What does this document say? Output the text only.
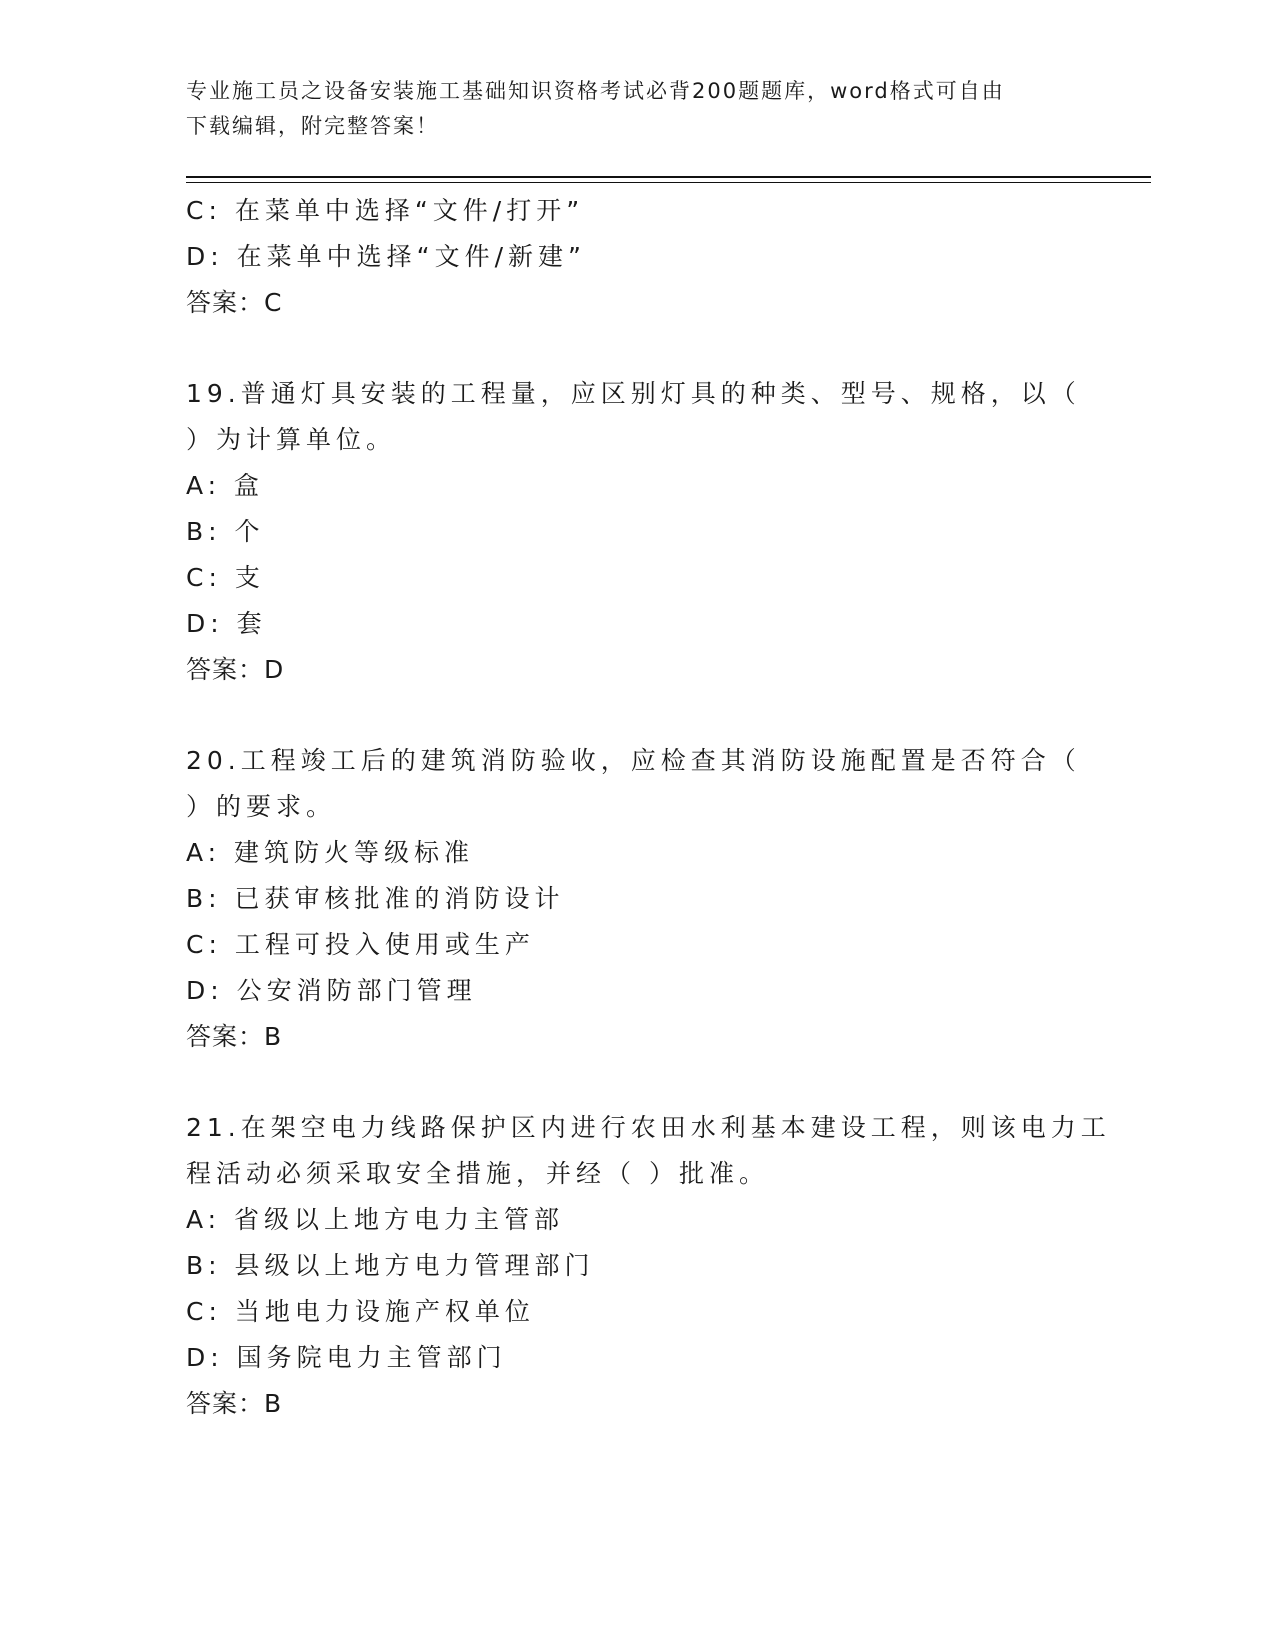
专业施工员之设备安装施工基础知识资格考试必背200题题库，word格式可自由
下载编辑，附完整答案！
C: 在菜单中选择“文件/打开”
D: 在菜单中选择“文件/新建”
答案：C
19.普通灯具安装的工程量，应区别灯具的种类、型号、规格，以（
）为计算单位。
A: 盒
B: 个
C: 支
D: 套
答案：D
20.工程竣工后的建筑消防验收，应检查其消防设施配置是否符合（
）的要求。
A: 建筑防火等级标准
B: 已获审核批准的消防设计
C: 工程可投入使用或生产
D: 公安消防部门管理
答案：B
21.在架空电力线路保护区内进行农田水利基本建设工程，则该电力工
程活动必须采取安全措施，并经（ ）批准。
A: 省级以上地方电力主管部
B: 县级以上地方电力管理部门
C: 当地电力设施产权单位
D: 国务院电力主管部门
答案：B
